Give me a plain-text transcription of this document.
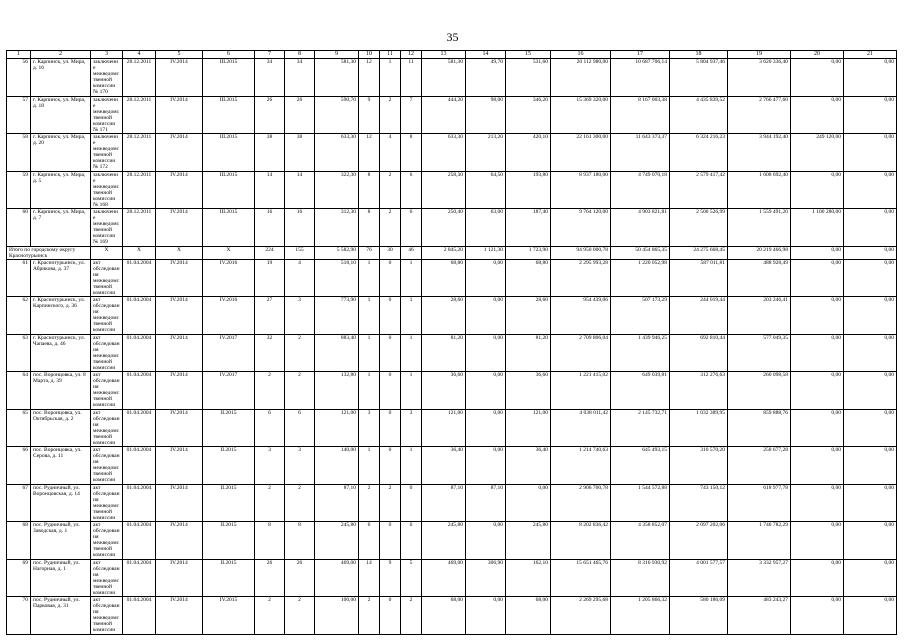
35
1	2	3	4	5	6	7	8	9	10	11	12	13	14	15	16	17	18	19	20	21
56	г. Карпинск, ул. Мира, д. 16	заключение межведомственной комиссии № 170	28.12.2011	IV.2014	III.2015	34	34	581,30	12	1	11	581,30	49,70	531,60	20 112 980,00	10 687 706,14	5 804 937,46	3 620 336,40	0,00	0,00
57	г. Карпинск, ул. Мира, д. 18	заключение межведомственной комиссии № 171	28.12.2011	IV.2014	III.2015	26	26	590,70	9	2	7	444,20	98,00	346,20	15 369 320,00	8 167 003,38	4 435 839,52	2 766 477,60	0,00	0,00
58	г. Карпинск, ул. Мира, д. 20	заключение межведомственной комиссии № 172	28.12.2011	IV.2014	III.2015	38	38	633,30	12	4	8	633,30	213,20	420,10	22 161 300,00	11 643 373,37	6 324 216,23	3 944 192,40	249 120,00	0,00
59	г. Карпинск, ул. Мира, д. 5	заключение межведомственной комиссии № 168	28.12.2011	IV.2014	III.2015	14	14	322,30	8	2	6	258,30	64,50	193,80	8 937 180,00	4 749 070,18	2 579 417,42	1 608 692,40	0,00	0,00
60	г. Карпинск, ул. Мира, д. 7	заключение межведомственной комиссии № 169	28.12.2011	IV.2014	III.2015	16	16	312,30	8	2	6	250,40	63,00	187,40	9 764 120,00	4 903 821,81	2 500 526,99	1 559 491,20	1 100 280,00	0,00
Итого по городскому округу Краснотурьинск		Х	Х	Х	Х	224	155	5 582,90	76	30	46	2 845,20	1 121,30	1 723,90	94 950 000,78	50 454 865,35	24 275 668,45	20 219 466,98	0,00	0,00
61	г. Краснотурьинск, ул. Абрикова, д. 37	акт обследования межведомственной комиссии	01.04.2004	IV.2014	IV.2016	19	4	518,10	1	0	1	68,80	0,00	68,80	2 295 993,28	1 220 052,98	587 011,81	488 928,49	0,00	0,00
62	г. Краснотурьинск, ул. Карпинского, д. 36	акт обследования межведомственной комиссии	01.04.2004	IV.2014	IV.2016	27	3	773,90	1	0	1	28,60	0,00	28,60	954 439,06	507 173,29	244 019,44	203 246,41	0,00	0,00
63	г. Краснотурьинск, ул. Чапаева, д. 46	акт обследования межведомственной комиссии	01.04.2004	IV.2014	IV.2017	32	2	883,40	1	0	1	81,20	0,00	81,20	2 709 806,04	1 439 946,25	692 810,44	577 049,35	0,00	0,00
64	пос. Воронцовка, ул. 8 Марта, д. 39	акт обследования межведомственной комиссии	01.04.2004	IV.2014	IV.2017	2	2	132,80	1	0	1	36,60	0,00	36,60	1 221 415,02	649 039,81	312 276,63	260 098,58	0,00	0,00
65	пос. Воронцовка, ул. Октябрьская, д. 2	акт обследования межведомственной комиссии	01.04.2004	IV.2014	II.2015	6	6	121,00	3	0	3	121,00	0,00	121,00	4 038 011,42	2 145 732,71	1 032 389,95	859 888,76	0,00	0,00
66	пос. Воронцовка, ул. Серова, д. 11	акт обследования межведомственной комиссии	01.04.2004	IV.2014	II.2015	3	3	140,00	1	0	1	36,40	0,00	36,40	1 214 740,63	645 493,15	310 570,20	258 677,28	0,00	0,00
67	пос. Рудничный, ул. Воронцовская, д. 14	акт обследования межведомственной комиссии	01.04.2004	IV.2014	II.2015	2	2	87,10	2	2	0	87,10	87,10	0,00	2 906 700,78	1 544 572,88	743 150,12	618 977,78	0,00	0,00
68	пос. Рудничный, ул. Заводская, д. 1	акт обследования межведомственной комиссии	01.04.2004	IV.2014	II.2015	8	8	245,80	6	0	6	245,80	0,00	245,80	8 202 836,42	4 358 852,07	2 097 202,06	1 746 782,29	0,00	0,00
69	пос. Рудничный, ул. Нагорная, д. 1	акт обследования межведомственной комиссии	01.04.2004	IV.2014	II.2015	26	26	469,00	14	9	5	469,00	306,90	162,10	15 651 465,76	8 316 930,92	4 001 577,57	3 332 957,27	0,00	0,00
70	пос. Рудничный, ул. Парковая, д. 31	акт обследования межведомственной комиссии	01.04.2004	IV.2014	IV.2015	2	2	100,00	2	0	2	68,00	0,00	68,00	2 269 295,68	1 205 866,32	580 186,09	483 243,27	0,00	0,00
